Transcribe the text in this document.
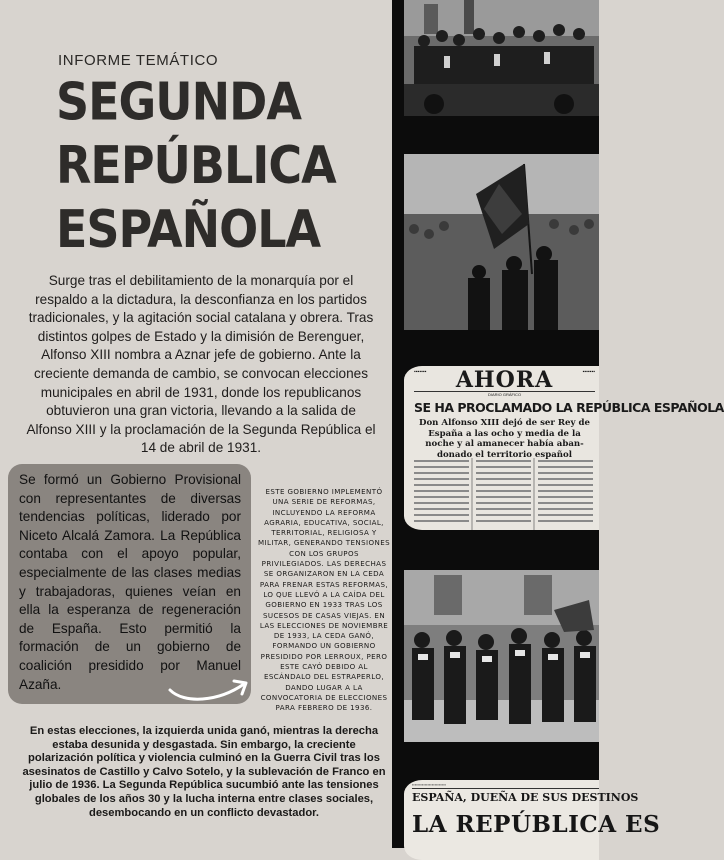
INFORME TEMÁTICO
SEGUNDA
REPÚBLICA
ESPAÑOLA

Surge tras el debilitamiento de la monarquía por el respaldo a la dictadura, la desconfianza en los partidos tradicionales, y la agitación social catalana y obrera. Tras distintos golpes de Estado y la dimisión de Berenguer, Alfonso XIII nombra a Aznar jefe de gobierno. Ante la creciente demanda de cambio, se convocan elecciones municipales en abril de 1931, donde los republicanos obtuvieron una gran victoria, llevando a la salida de Alfonso XIII y la proclamación de la Segunda República el 14 de abril de 1931.

Se formó un Gobierno Provisional con representantes de diversas tendencias políticas, liderado por Niceto Alcalá Zamora. La República contaba con el apoyo popular, especialmente de las clases medias y trabajadoras, quienes veían en ella la esperanza de regeneración de España. Esto permitió la formación de un gobierno de coalición presidido por Manuel Azaña.

ESTE GOBIERNO IMPLEMENTÓ UNA SERIE DE REFORMAS, INCLUYENDO LA REFORMA AGRARIA, EDUCATIVA, SOCIAL, TERRITORIAL, RELIGIOSA Y MILITAR, GENERANDO TENSIONES CON LOS GRUPOS PRIVILEGIADOS. LAS DERECHAS SE ORGANIZARON EN LA CEDA PARA FRENAR ESTAS REFORMAS, LO QUE LLEVÓ A LA CAÍDA DEL GOBIERNO EN 1933 TRAS LOS SUCESOS DE CASAS VIEJAS. EN LAS ELECCIONES DE NOVIEMBRE DE 1933, LA CEDA GANÓ, FORMANDO UN GOBIERNO PRESIDIDO POR LERROUX, PERO ESTE CAYÓ DEBIDO AL ESCÁNDALO DEL ESTRAPERLO, DANDO LUGAR A LA CONVOCATORIA DE ELECCIONES PARA FEBRERO DE 1936.

En estas elecciones, la izquierda unida ganó, mientras la derecha estaba desunida y desgastada. Sin embargo, la creciente polarización política y violencia culminó en la Guerra Civil tras los asesinatos de Castillo y Calvo Sotelo, y la sublevación de Franco en julio de 1936. La Segunda República sucumbió ante las tensiones globales de los años 30 y la lucha interna entre clases sociales, desembocando en un conflicto devastador.

▪▪▪▪▪▪▪	AHORA	▪▪▪▪▪▪▪
DIARIO GRÁFICO
SE HA PROCLAMADO LA REPÚBLICA ESPAÑOLA
Don Alfonso XIII dejó de ser Rey de España a las ocho y media de la noche y al amanecer había aban- donado el territorio español
▪▪▪▪▪▪▪▪▪▪▪▪▪▪▪▪▪▪▪▪▪▪▪▪
ESPAÑA, DUEÑA DE SUS DESTINOS
LA REPÚBLICA ES
